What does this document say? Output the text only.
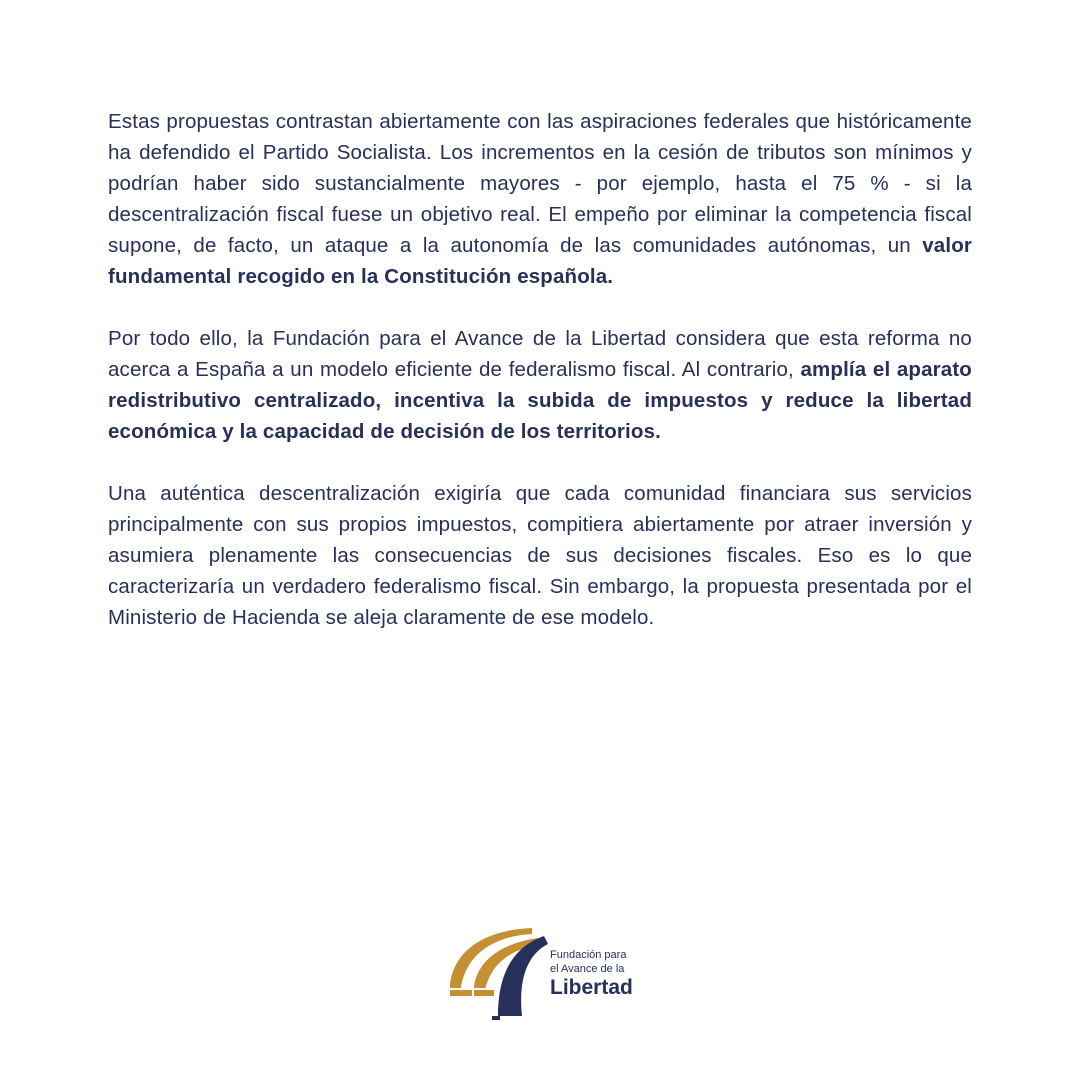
Estas propuestas contrastan abiertamente con las aspiraciones federales que históricamente ha defendido el Partido Socialista. Los incrementos en la cesión de tributos son mínimos y podrían haber sido sustancialmente mayores - por ejemplo, hasta el 75 % - si la descentralización fiscal fuese un objetivo real. El empeño por eliminar la competencia fiscal supone, de facto, un ataque a la autonomía de las comunidades autónomas, un valor fundamental recogido en la Constitución española.

Por todo ello, la Fundación para el Avance de la Libertad considera que esta reforma no acerca a España a un modelo eficiente de federalismo fiscal. Al contrario, amplía el aparato redistributivo centralizado, incentiva la subida de impuestos y reduce la libertad económica y la capacidad de decisión de los territorios.

Una auténtica descentralización exigiría que cada comunidad financiara sus servicios principalmente con sus propios impuestos, compitiera abiertamente por atraer inversión y asumiera plenamente las consecuencias de sus decisiones fiscales. Eso es lo que caracterizaría un verdadero federalismo fiscal. Sin embargo, la propuesta presentada por el Ministerio de Hacienda se aleja claramente de ese modelo.

Fundación para
el Avance de la
Libertad
